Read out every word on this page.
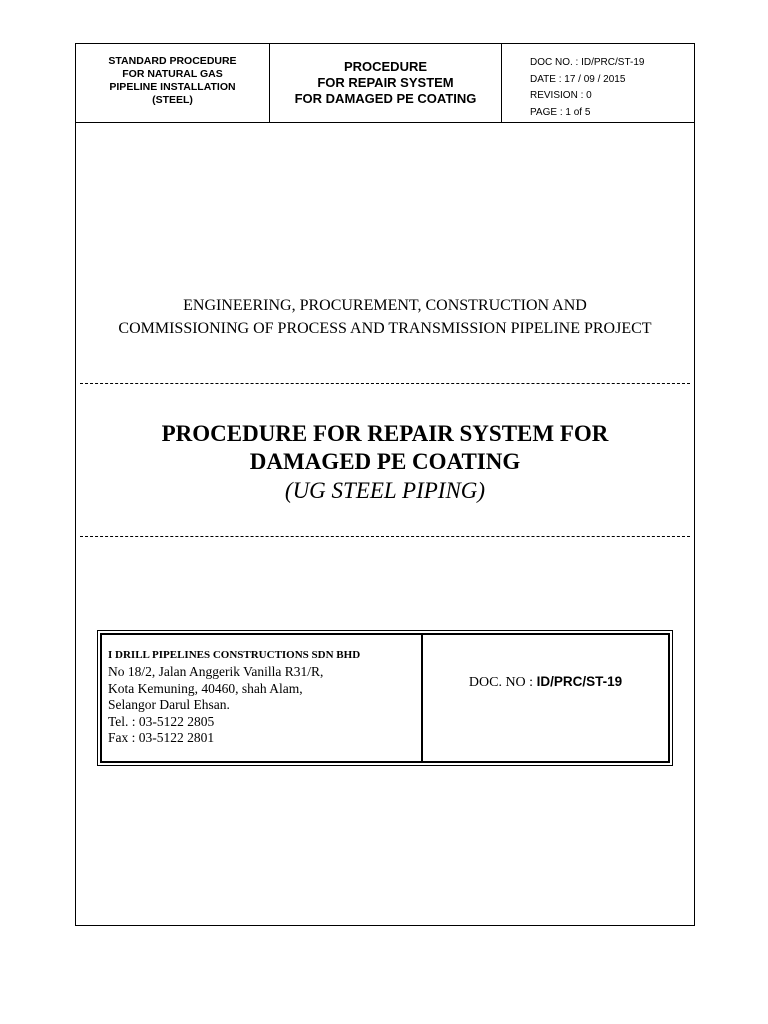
STANDARD PROCEDURE
FOR NATURAL GAS
PIPELINE INSTALLATION
(STEEL)
PROCEDURE
FOR REPAIR SYSTEM
FOR DAMAGED PE COATING
DOC NO. : ID/PRC/ST-19
DATE : 17 / 09 / 2015
REVISION : 0
PAGE : 1 of 5
ENGINEERING, PROCUREMENT, CONSTRUCTION AND
COMMISSIONING OF PROCESS AND TRANSMISSION PIPELINE PROJECT
PROCEDURE FOR REPAIR SYSTEM FOR
DAMAGED PE COATING
(UG STEEL PIPING)
I DRILL PIPELINES CONSTRUCTIONS SDN BHD
No 18/2, Jalan Anggerik Vanilla R31/R,
Kota Kemuning, 40460, shah Alam,
Selangor Darul Ehsan.
Tel. : 03-5122 2805
Fax : 03-5122 2801
DOC. NO : ID/PRC/ST-19
